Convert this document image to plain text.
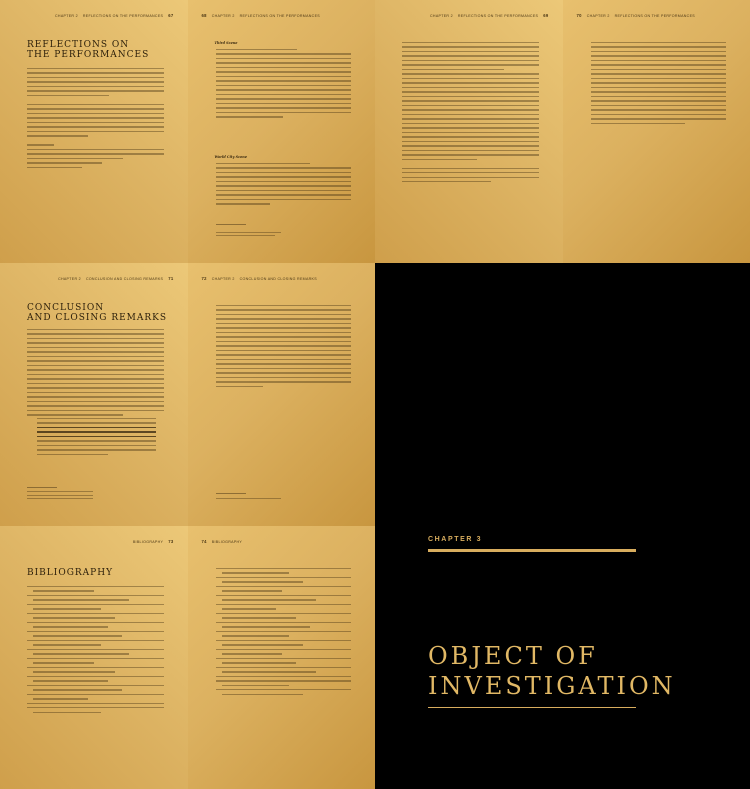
CHAPTER 2 REFLECTIONS ON THE PERFORMANCES 67
REFLECTIONS ON
THE PERFORMANCES
68 CHAPTER 2 REFLECTIONS ON THE PERFORMANCES
Third Scene
World City Scene
CHAPTER 2 REFLECTIONS ON THE PERFORMANCES 69	70 CHAPTER 2 REFLECTIONS ON THE PERFORMANCES
CHAPTER 2 CONCLUSION AND CLOSING REMARKS 71
CONCLUSION
AND CLOSING REMARKS
72 CHAPTER 2 CONCLUSION AND CLOSING REMARKS
BIBLIOGRAPHY 73
BIBLIOGRAPHY
74 BIBLIOGRAPHY	CHAPTER 3
OBJECT OF
INVESTIGATION
